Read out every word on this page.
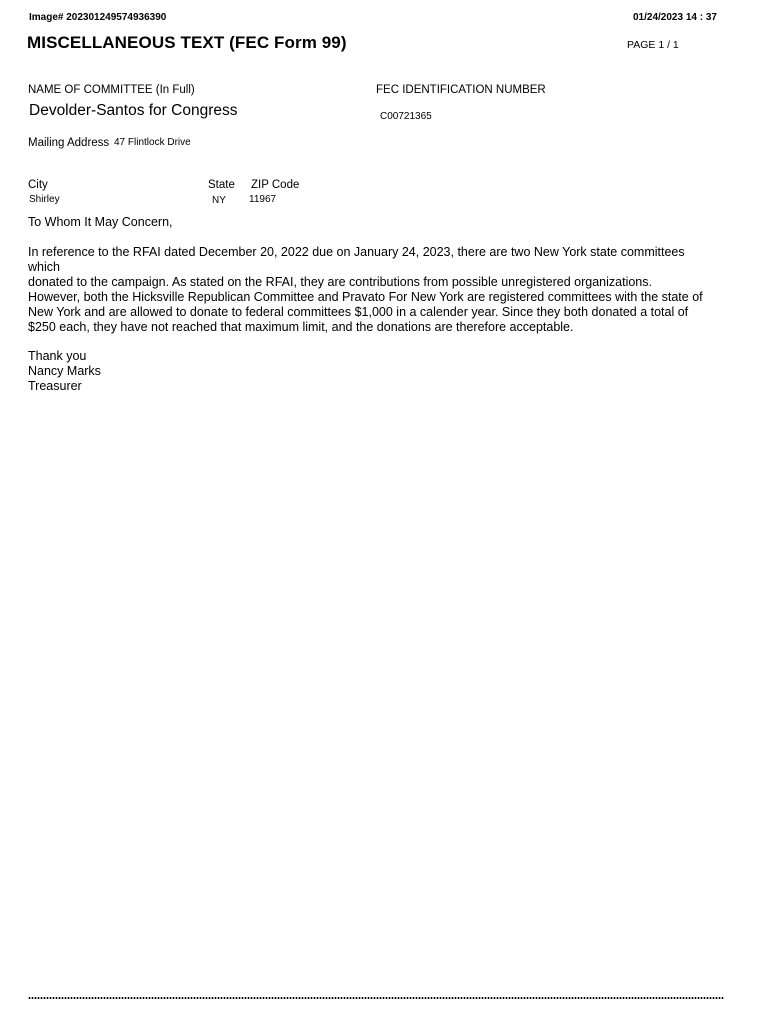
Image# 202301249574936390	01/24/2023 14 : 37
MISCELLANEOUS TEXT (FEC Form 99)	PAGE 1 / 1
NAME OF COMMITTEE (In Full)
Devolder-Santos for Congress
FEC IDENTIFICATION NUMBER
C00721365
Mailing Address 47 Flintlock Drive
City
Shirley
State
NY
ZIP Code
11967
To Whom It May Concern,

In reference to the RFAI dated December 20, 2022 due on January 24, 2023, there are two New York state committees

which

donated to the campaign. As stated on the RFAI, they are contributions from possible unregistered organizations.

However, both the Hicksville Republican Committee and Pravato For New York are registered committees with the state of

New York and are allowed to donate to federal committees $1,000 in a calender year. Since they both donated a total of

$250 each, they have not reached that maximum limit, and the donations are therefore acceptable.

Thank you

Nancy Marks

Treasurer
